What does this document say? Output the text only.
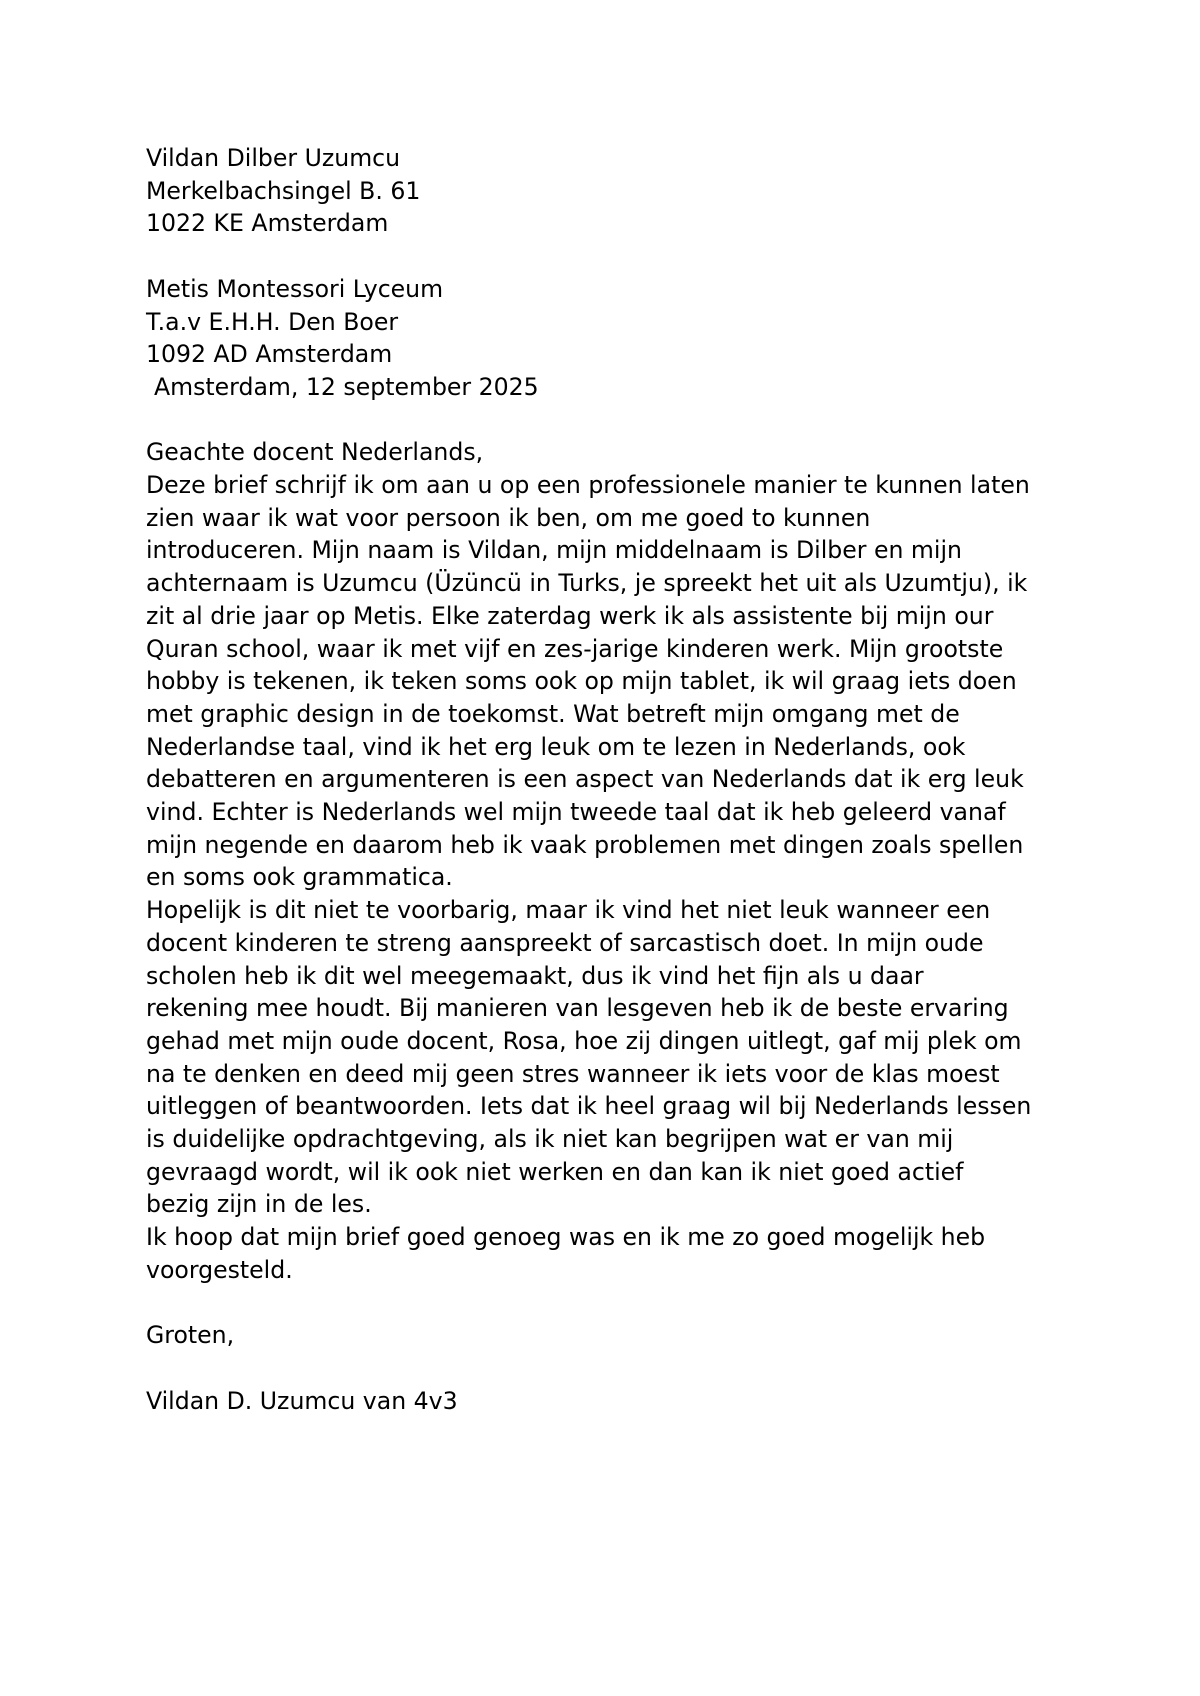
Vildan Dilber Uzumcu
Merkelbachsingel B. 61
1022 KE Amsterdam
Metis Montessori Lyceum
T.a.v E.H.H. Den Boer
1092 AD Amsterdam
Amsterdam, 12 september 2025
Geachte docent Nederlands,
Deze brief schrijf ik om aan u op een professionele manier te kunnen laten
zien waar ik wat voor persoon ik ben, om me goed to kunnen
introduceren. Mijn naam is Vildan, mijn middelnaam is Dilber en mijn
achternaam is Uzumcu (Üzüncü in Turks, je spreekt het uit als Uzumtju), ik
zit al drie jaar op Metis. Elke zaterdag werk ik als assistente bij mijn our
Quran school, waar ik met vijf en zes-jarige kinderen werk. Mijn grootste
hobby is tekenen, ik teken soms ook op mijn tablet, ik wil graag iets doen
met graphic design in de toekomst. Wat betreft mijn omgang met de
Nederlandse taal, vind ik het erg leuk om te lezen in Nederlands, ook
debatteren en argumenteren is een aspect van Nederlands dat ik erg leuk
vind. Echter is Nederlands wel mijn tweede taal dat ik heb geleerd vanaf
mijn negende en daarom heb ik vaak problemen met dingen zoals spellen
en soms ook grammatica.
Hopelijk is dit niet te voorbarig, maar ik vind het niet leuk wanneer een
docent kinderen te streng aanspreekt of sarcastisch doet. In mijn oude
scholen heb ik dit wel meegemaakt, dus ik vind het fijn als u daar
rekening mee houdt. Bij manieren van lesgeven heb ik de beste ervaring
gehad met mijn oude docent, Rosa, hoe zij dingen uitlegt, gaf mij plek om
na te denken en deed mij geen stres wanneer ik iets voor de klas moest
uitleggen of beantwoorden. Iets dat ik heel graag wil bij Nederlands lessen
is duidelijke opdrachtgeving, als ik niet kan begrijpen wat er van mij
gevraagd wordt, wil ik ook niet werken en dan kan ik niet goed actief
bezig zijn in de les.
Ik hoop dat mijn brief goed genoeg was en ik me zo goed mogelijk heb
voorgesteld.
Groten,
Vildan D. Uzumcu van 4v3
